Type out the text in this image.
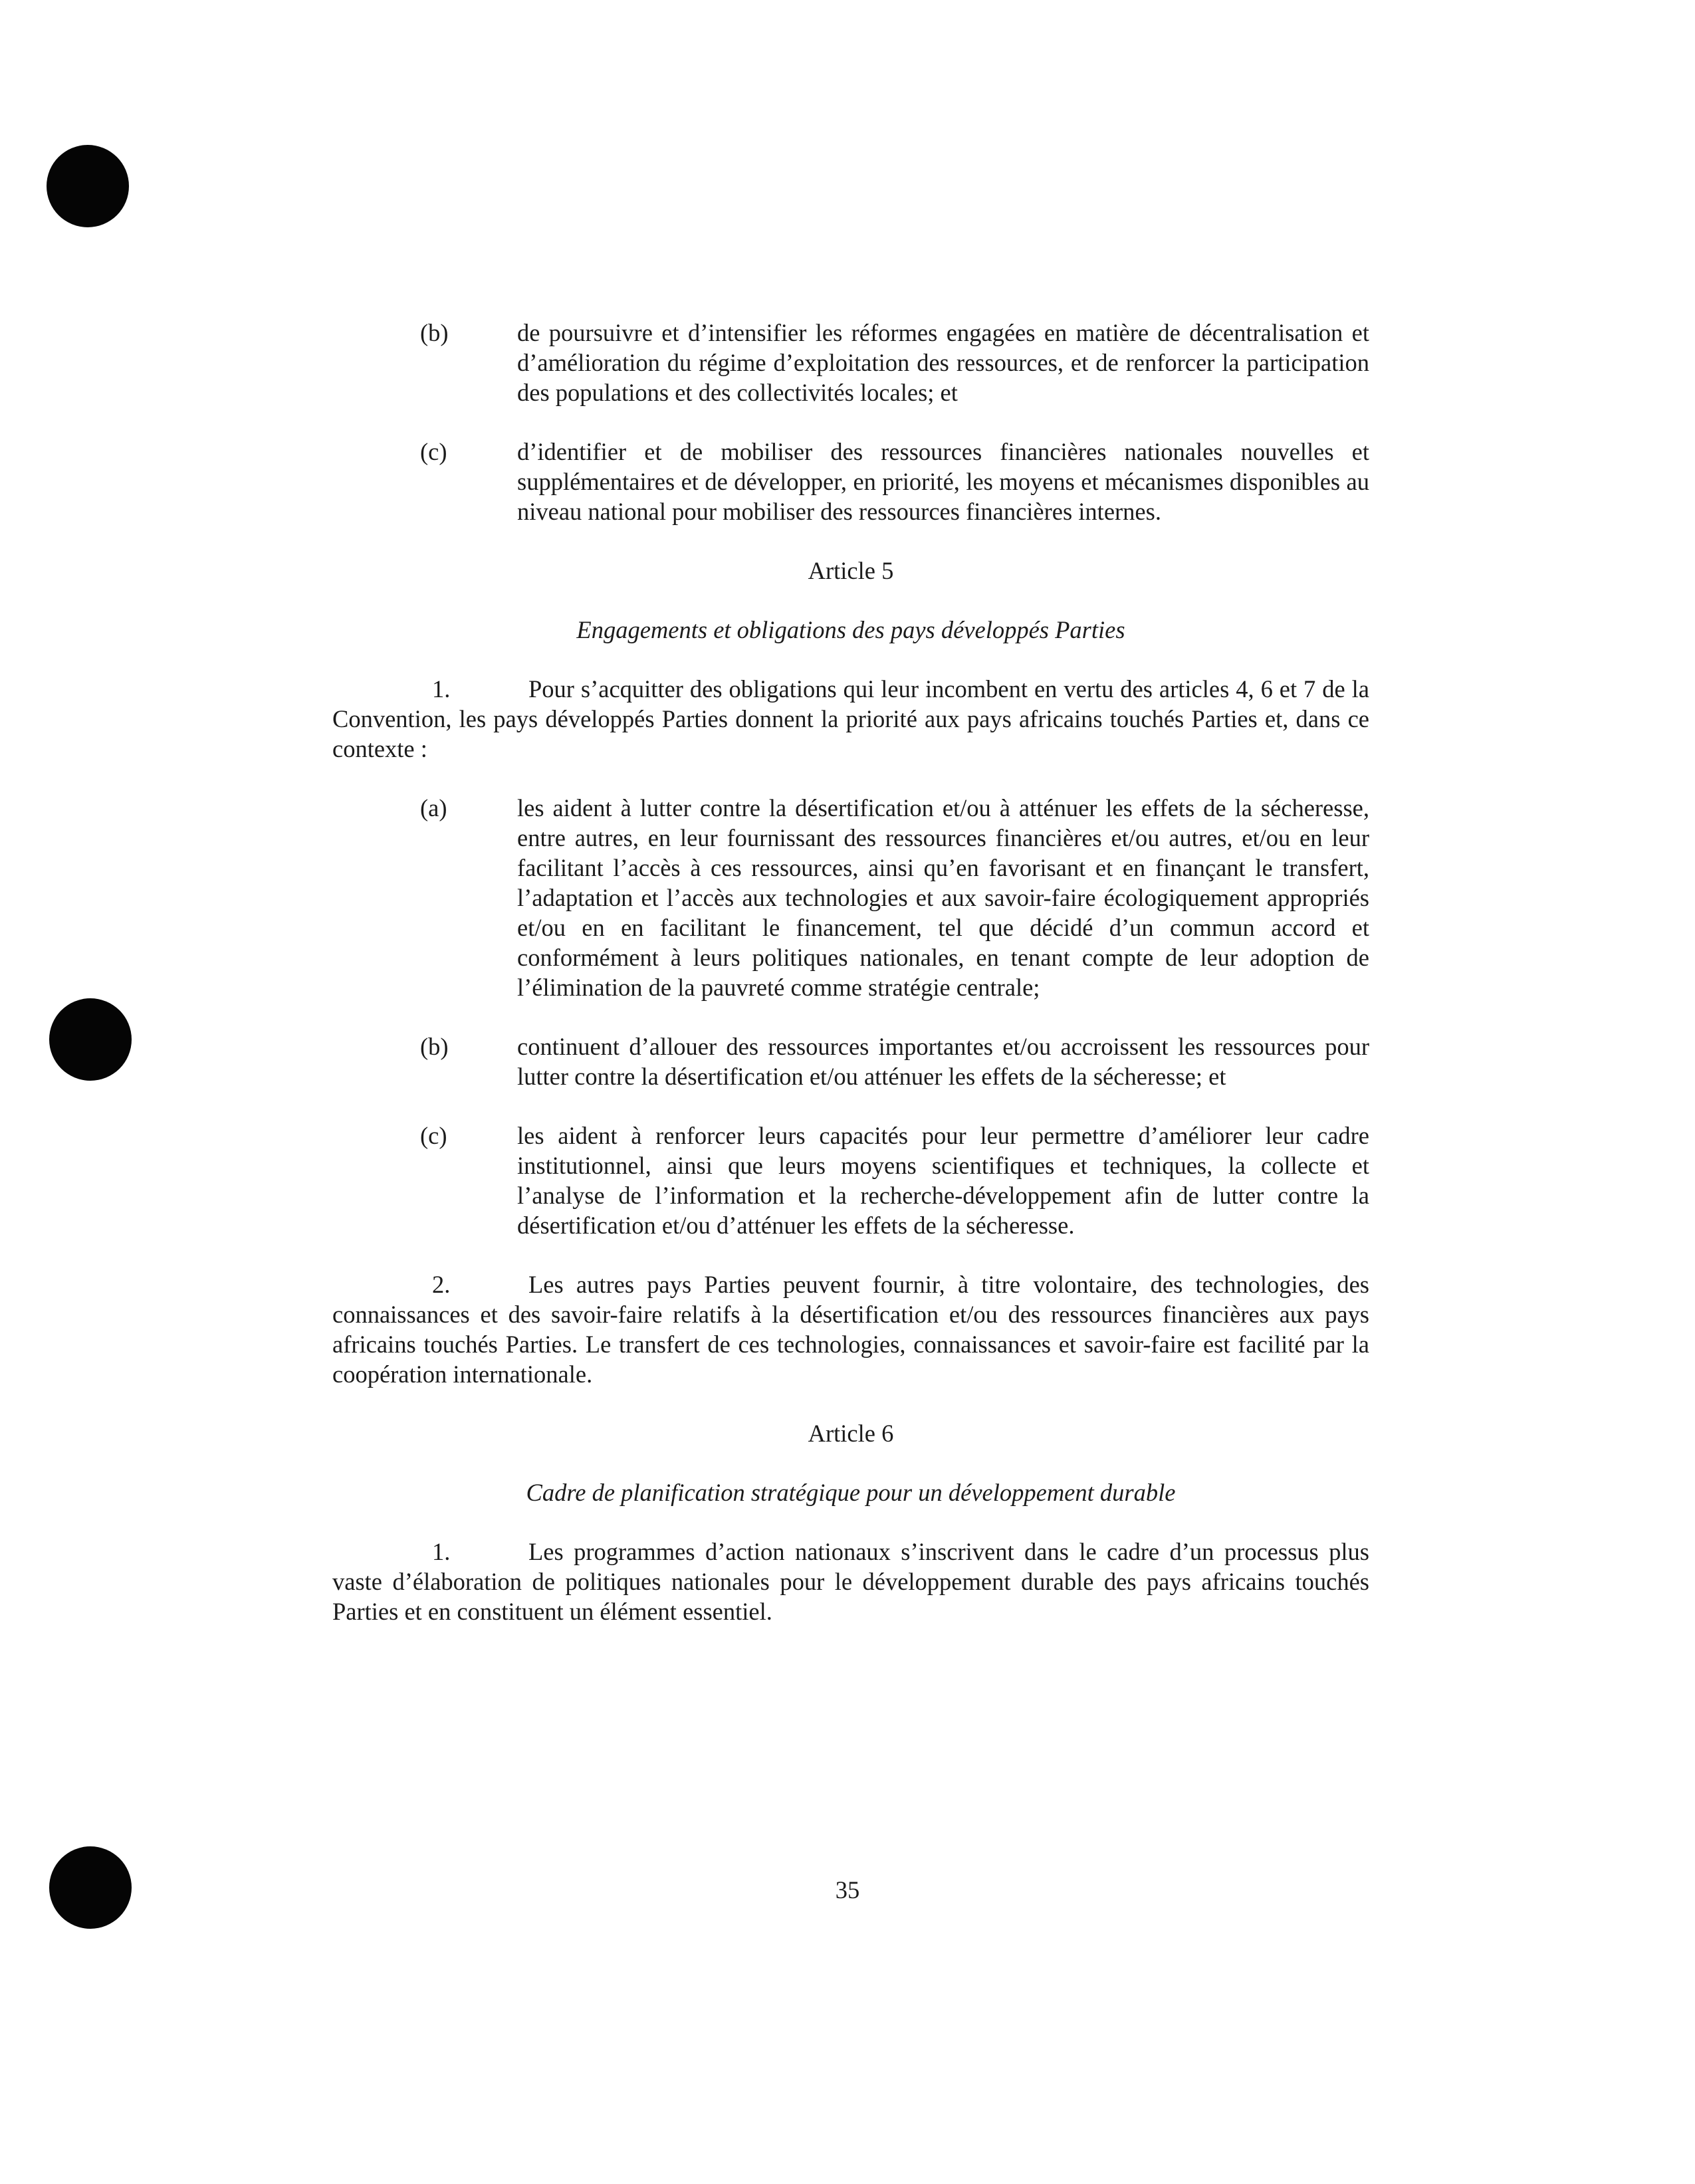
(b)	de poursuivre et d’intensifier les réformes engagées en matière de décentralisation et d’amélioration du régime d’exploitation des ressources, et de renforcer la participation des populations et des collectivités locales; et
(c)	d’identifier et de mobiliser des ressources financières nationales nouvelles et supplémentaires et de développer, en priorité, les moyens et mécanismes disponibles au niveau national pour mobiliser des ressources financières internes.
Article 5
Engagements et obligations des pays développés Parties
1.	Pour s’acquitter des obligations qui leur incombent en vertu des articles 4, 6 et 7 de la Convention, les pays développés Parties donnent la priorité aux pays africains touchés Parties et, dans ce contexte :
(a)	les aident à lutter contre la désertification et/ou à atténuer les effets de la sécheresse, entre autres, en leur fournissant des ressources financières et/ou autres, et/ou en leur facilitant l’accès à ces ressources, ainsi qu’en favorisant et en finançant le transfert, l’adaptation et l’accès aux technologies et aux savoir-faire écologiquement appropriés et/ou en en facilitant le financement, tel que décidé d’un commun accord et conformément à leurs politiques nationales, en tenant compte de leur adoption de l’élimination de la pauvreté comme stratégie centrale;
(b)	continuent d’allouer des ressources importantes et/ou accroissent les ressources pour lutter contre la désertification et/ou atténuer les effets de la sécheresse; et
(c)	les aident à renforcer leurs capacités pour leur permettre d’améliorer leur cadre institutionnel, ainsi que leurs moyens scientifiques et techniques, la collecte et l’analyse de l’information et la recherche-développement afin de lutter contre la désertification et/ou d’atténuer les effets de la sécheresse.
2.	Les autres pays Parties peuvent fournir, à titre volontaire, des technologies, des connaissances et des savoir-faire relatifs à la désertification et/ou des ressources financières aux pays africains touchés Parties. Le transfert de ces technologies, connaissances et savoir-faire est facilité par la coopération internationale.
Article 6
Cadre de planification stratégique pour un développement durable
1.	Les programmes d’action nationaux s’inscrivent dans le cadre d’un processus plus vaste d’élaboration de politiques nationales pour le développement durable des pays africains touchés Parties et en constituent un élément essentiel.
35
